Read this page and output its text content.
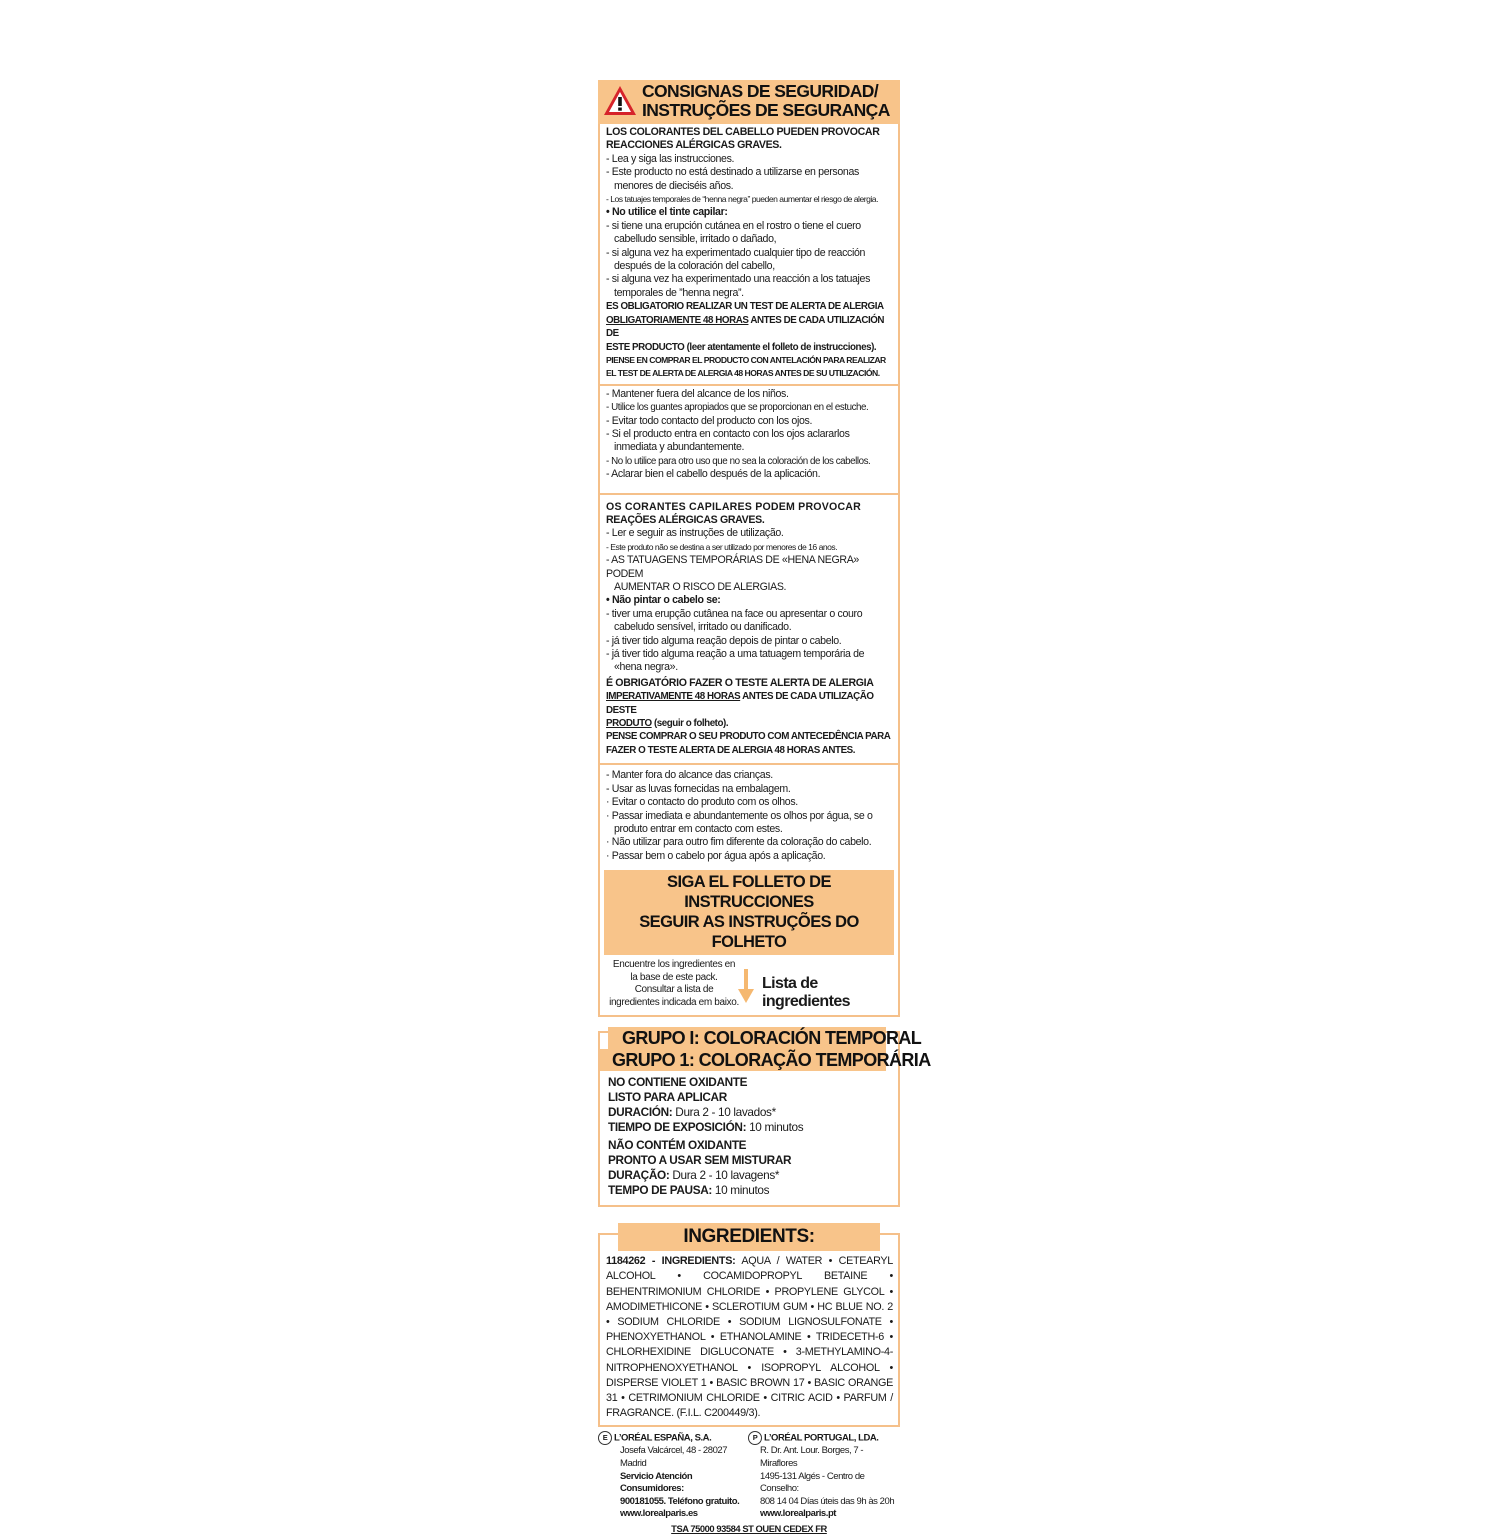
CONSIGNAS DE SEGURIDAD/
INSTRUÇÕES DE SEGURANÇA

LOS COLORANTES DEL CABELLO PUEDEN PROVOCAR

REACCIONES ALÉRGICAS GRAVES.

- Lea y siga las instrucciones.

- Este producto no está destinado a utilizarse en personas

menores de dieciséis años.

- Los tatuajes temporales de “henna negra” pueden aumentar el riesgo de alergia.

• No utilice el tinte capilar:

- si tiene una erupción cutánea en el rostro o tiene el cuero

cabelludo sensible, irritado o dañado,

- si alguna vez ha experimentado cualquier tipo de reacción

después de la coloración del cabello,

- si alguna vez ha experimentado una reacción a los tatuajes

temporales de ”henna negra”.

ES OBLIGATORIO REALIZAR UN TEST DE ALERTA DE ALERGIA

OBLIGATORIAMENTE 48 HORAS ANTES DE CADA UTILIZACIÓN DE

ESTE PRODUCTO (leer atentamente el folleto de instrucciones).

PIENSE EN COMPRAR EL PRODUCTO CON ANTELACIÓN PARA REALIZAR

EL TEST DE ALERTA DE ALERGIA 48 HORAS ANTES DE SU UTILIZACIÓN.

- Mantener fuera del alcance de los niños.

- Utilice los guantes apropiados que se proporcionan en el estuche.

- Evitar todo contacto del producto con los ojos.

- Si el producto entra en contacto con los ojos aclararlos

inmediata y abundantemente.

- No lo utilice para otro uso que no sea la coloración de los cabellos.

- Aclarar bien el cabello después de la aplicación.

OS CORANTES CAPILARES PODEM PROVOCAR

REAÇÕES ALÉRGICAS GRAVES.

- Ler e seguir as instruções de utilização.

- Este produto não se destina a ser utilizado por menores de 16 anos.

- AS TATUAGENS TEMPORÁRIAS DE «HENA NEGRA» PODEM

AUMENTAR O RISCO DE ALERGIAS.

• Não pintar o cabelo se:

- tiver uma erupção cutânea na face ou apresentar o couro

cabeludo sensível, irritado ou danificado.

- já tiver tido alguma reação depois de pintar o cabelo.

- já tiver tido alguma reação a uma tatuagem temporária de

«hena negra».

É OBRIGATÓRIO FAZER O TESTE ALERTA DE ALERGIA

IMPERATIVAMENTE 48 HORAS ANTES DE CADA UTILIZAÇÃO DESTE

PRODUTO (seguir o folheto).

PENSE COMPRAR O SEU PRODUTO COM ANTECEDÊNCIA PARA

FAZER O TESTE ALERTA DE ALERGIA 48 HORAS ANTES.

- Manter fora do alcance das crianças.

- Usar as luvas fornecidas na embalagem.

· Evitar o contacto do produto com os olhos.

· Passar imediata e abundantemente os olhos por água, se o

produto entrar em contacto com estes.

· Não utilizar para outro fim diferente da coloração do cabelo.

· Passar bem o cabelo por água após a aplicação.

SIGA EL FOLLETO DE INSTRUCCIONES

SEGUIR AS INSTRUÇÕES DO FOLHETO

Encuentre los ingredientes en
la base de este pack.
Consultar a lista de
ingredientes indicada em baixo.
Lista de ingredientes
GRUPO I: COLORACIÓN TEMPORAL
GRUPO 1: COLORAÇÃO TEMPORÁRIA

NO CONTIENE OXIDANTE

LISTO PARA APLICAR

DURACIÓN: Dura 2 - 10 lavados*

TIEMPO DE EXPOSICIÓN: 10 minutos

NÃO CONTÉM OXIDANTE

PRONTO A USAR SEM MISTURAR

DURAÇÃO: Dura 2 - 10 lavagens*

TEMPO DE PAUSA: 10 minutos

INGREDIENTS:
1184262 - INGREDIENTS: AQUA / WATER • CETEARYL ALCOHOL • COCAMIDOPROPYL BETAINE • BEHENTRIMONIUM CHLORIDE • PROPYLENE GLYCOL • AMODIMETHICONE • SCLEROTIUM GUM • HC BLUE NO. 2 • SODIUM CHLORIDE • SODIUM LIGNOSULFONATE • PHENOXYETHANOL • ETHANOLAMINE • TRIDECETH-6 • CHLORHEXIDINE DIGLUCONATE • 3-METHYLAMINO-4-NITROPHENOXYETHANOL • ISOPROPYL ALCOHOL • DISPERSE VIOLET 1 • BASIC BROWN 17 • BASIC ORANGE 31 • CETRIMONIUM CHLORIDE • CITRIC ACID • PARFUM / FRAGRANCE. (F.I.L. C200449/3).
E L’ORÉAL ESPAÑA, S.A.
Josefa Valcárcel, 48 - 28027 Madrid
Servicio Atención Consumidores:
900181055. Teléfono gratuito.
www.lorealparis.es
P L’ORÉAL PORTUGAL, LDA.
R. Dr. Ant. Lour. Borges, 7 - Miraflores
1495-131 Algés - Centro de Conselho:
808 14 04 Días úteis das 9h às 20h
www.lorealparis.pt
TSA 75000 93584 ST OUEN CEDEX FR
